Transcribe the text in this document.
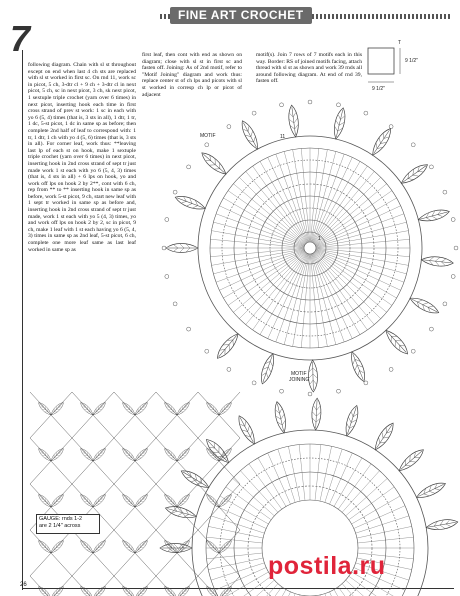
FINE ART CROCHET
7

following diagram. Chain with sl st throughout except on end when last 4 ch sts are replaced with sl st worked in first sc. On rnd 11, work sc in picot, 5 ch, 3-dtr cl + 9 ch + 3-dtr cl in next picot, 5 ch, sc in next picot, 3 ch, sk next picot, 1 sextuple triple crochet (yarn over 6 times) in next picot, inserting hook each time in first cross strand of prev st work: 1 sc in each with yo 6 (5, 4) times (that is, 3 sts in all), 1 dtr, 1 tr, 1 dc, 5-st picot, 1 dc in same sp as before; then complete 2nd half of leaf to correspond with: 1 tr, 1 dtr, 1 ch with yo 4 (5, 6) times (that is, 3 sts in all). For corner leaf, work thus: **leaving last lp of each st on hook, make 1 sextuple triple crochet (yarn over 6 times) in next picot, inserting hook in 2nd cross strand of sept tr just made work 1 st each with yo 6 (5, 4, 3) times (that is, 4 sts in all) + 6 lps on hook, yo and work off lps on hook 2 by 2**, cont with 6 ch, rep from ** to ** inserting hook in same sp as before, work 5-st picot, 9 ch, start new leaf with 1 sept tr worked in same sp as before and, inserting hook in 2nd cross strand of sept tr just made, work 1 st each with yo 5 (4, 3) times, yo and work off lps on hook 2 by 2, sc in picot, 9 ch, make 1 leaf with 1 st each having yo 6 (5, 4, 3) times in same sp as 2nd leaf, 5-st picot, 6 ch, complete one more leaf same as last leaf worked in same sp as

first leaf, then cont with end as shown on diagram; close with sl st in first sc and fasten off. Joining: As of 2nd motif, refer to "Motif Joining" diagram and work thus: replace center st of ch lps and picots with sl st worked in corresp ch lp or picot of adjacent

motif(s). Join 7 rows of 7 motifs each in this way. Border: RS of joined motifs facing, attach thread with sl st as shown and work 39 rnds all around following diagram. At end of rnd 39, fasten off.

9 1/2"
9 1/2"
T
MOTIF	11
1
MOTIF
JOINING
GAUGE: rnds 1-2
are 2 1/4" across
26
postila.ru
